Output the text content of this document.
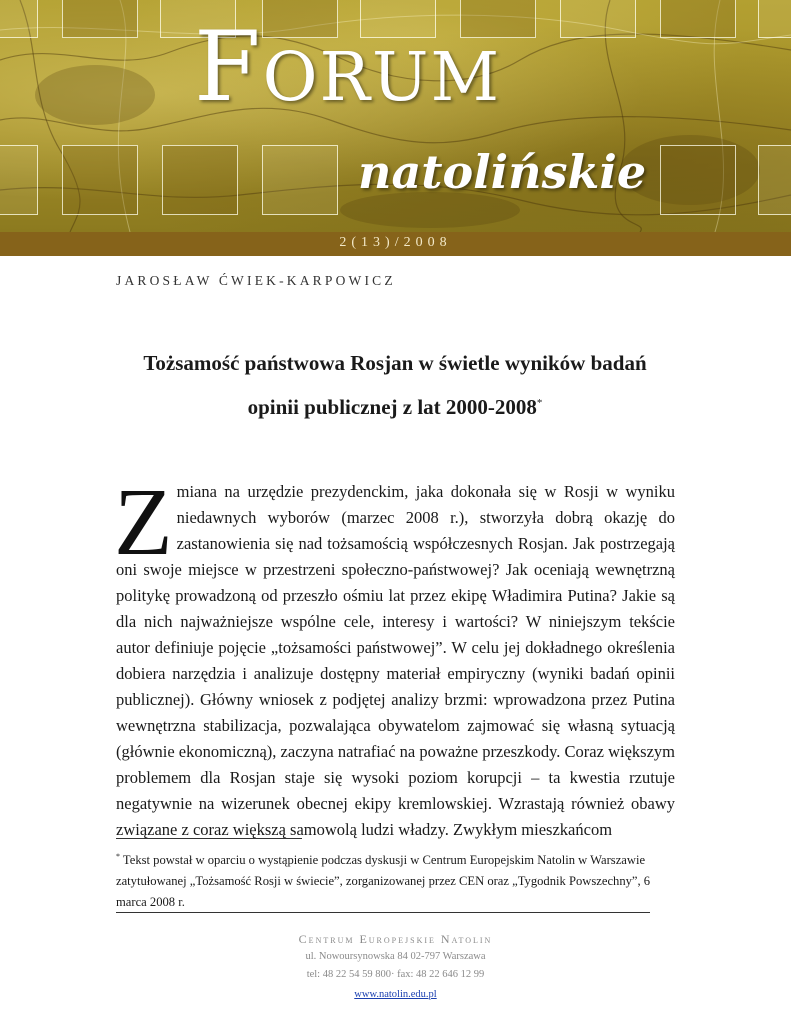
Forum
natolińskie
2(13)/2008
JAROSŁAW ĆWIEK-KARPOWICZ
Tożsamość państwowa Rosjan w świetle wyników badań
opinii publicznej z lat 2000-2008*
Z miana na urzędzie prezydenckim, jaka dokonała się w Rosji w wyniku niedawnych wyborów (marzec 2008 r.), stworzyła dobrą okazję do zastanowienia się nad tożsamością współczesnych Rosjan. Jak postrzegają oni swoje miejsce w przestrzeni społeczno-państwowej? Jak oceniają wewnętrzną politykę prowadzoną od przeszło ośmiu lat przez ekipę Władimira Putina? Jakie są dla nich najważniejsze wspólne cele, interesy i wartości? W niniejszym tekście autor definiuje pojęcie „tożsamości państwowej”. W celu jej dokładnego określenia dobiera narzędzia i analizuje dostępny materiał empiryczny (wyniki badań opinii publicznej). Główny wniosek z podjętej analizy brzmi: wprowadzona przez Putina wewnętrzna stabilizacja, pozwalająca obywatelom zajmować się własną sytuacją (głównie ekonomiczną), zaczyna natrafiać na poważne przeszkody. Coraz większym problemem dla Rosjan staje się wysoki poziom korupcji – ta kwestia rzutuje negatywnie na wizerunek obecnej ekipy kremlowskiej. Wzrastają również obawy związane z coraz większą samowolą ludzi władzy. Zwykłym mieszkańcom
* Tekst powstał w oparciu o wystąpienie podczas dyskusji w Centrum Europejskim Natolin w Warszawie zatytułowanej „Tożsamość Rosji w świecie”, zorganizowanej przez CEN oraz „Tygodnik Powszechny”, 6 marca 2008 r.
Centrum Europejskie Natolin
ul. Nowoursynowska 84 02-797 Warszawa
tel: 48 22 54 59 800· fax: 48 22 646 12 99
www.natolin.edu.pl
